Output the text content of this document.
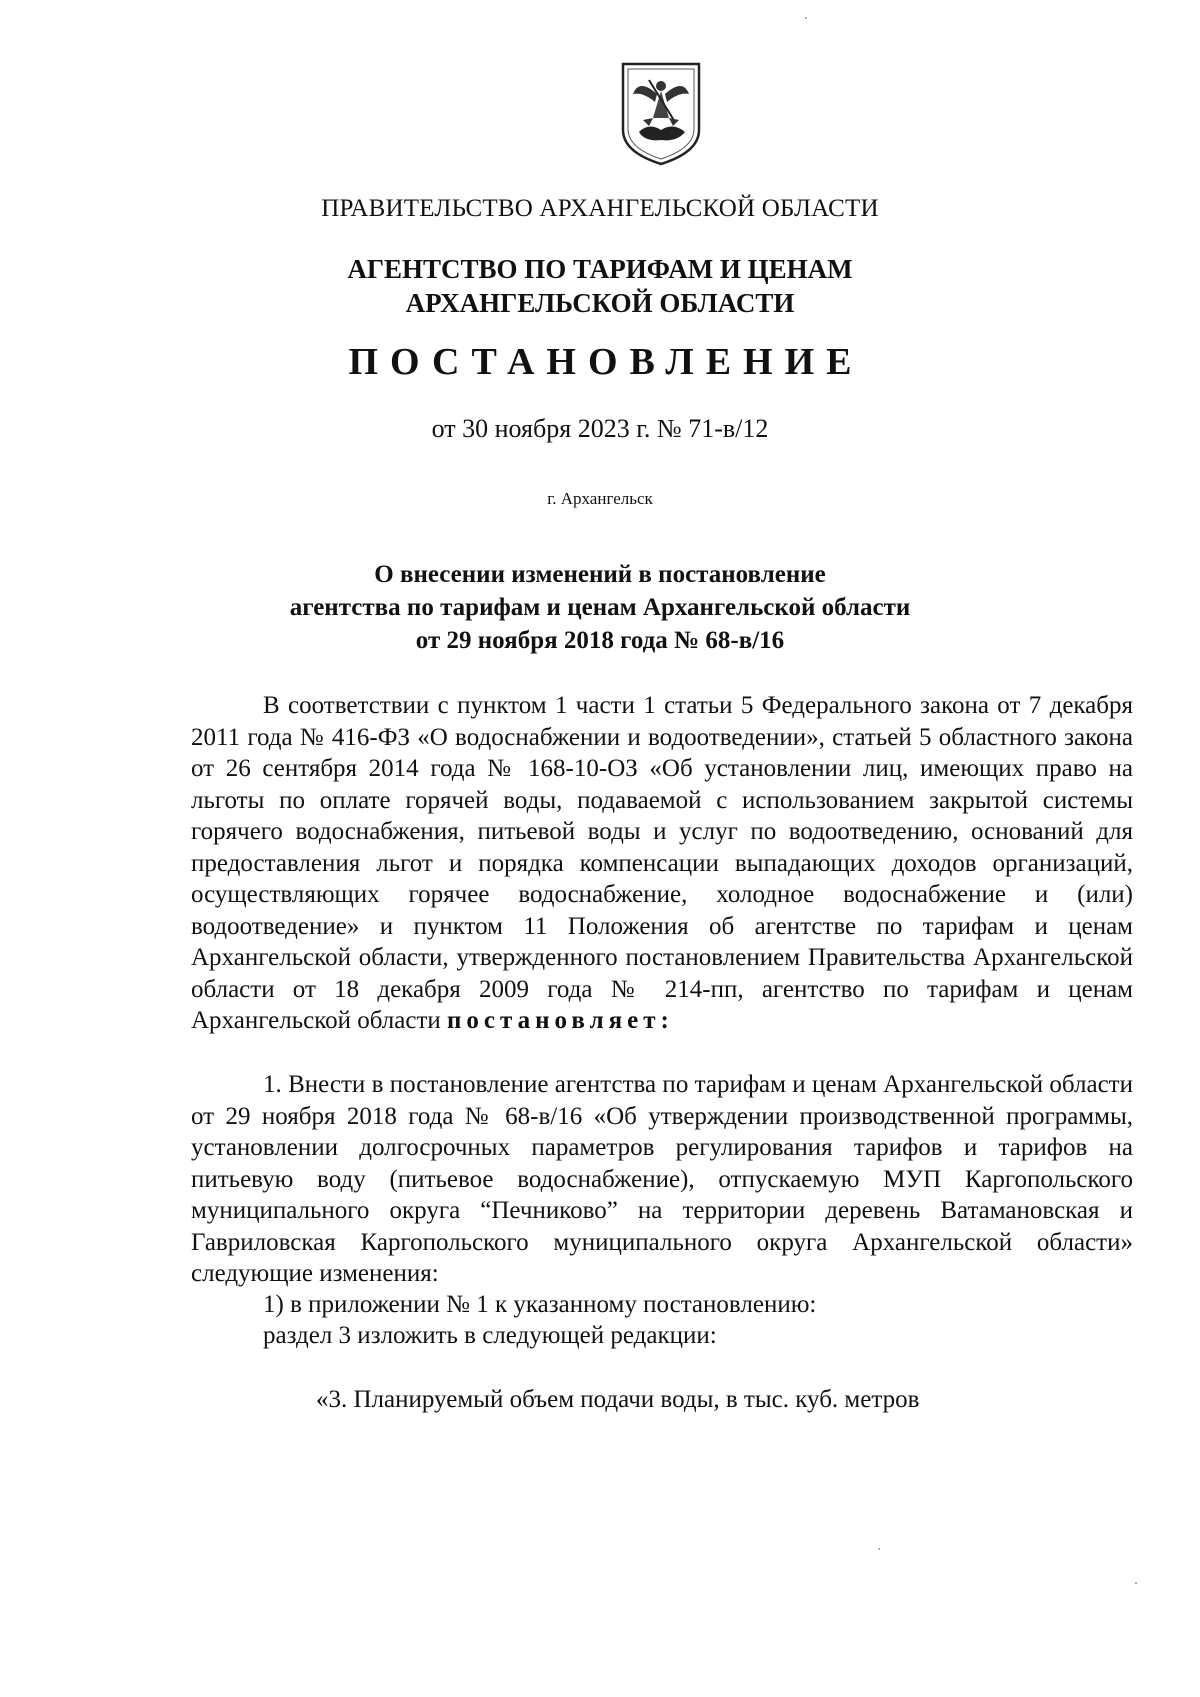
ПРАВИТЕЛЬСТВО АРХАНГЕЛЬСКОЙ ОБЛАСТИ
АГЕНТСТВО ПО ТАРИФАМ И ЦЕНАМ
АРХАНГЕЛЬСКОЙ ОБЛАСТИ
ПОСТАНОВЛЕНИЕ
от 30 ноября 2023 г. № 71-в/12
г. Архангельск
О внесении изменений в постановление
агентства по тарифам и ценам Архангельской области
от 29 ноября 2018 года № 68-в/16

В соответствии с пунктом 1 части 1 статьи 5 Федерального закона от 7 декабря 2011 года № 416-ФЗ «О водоснабжении и водоотведении», статьей 5 областного закона от 26 сентября 2014 года № 168-10-ОЗ «Об установлении лиц, имеющих право на льготы по оплате горячей воды, подаваемой с использованием закрытой системы горячего водоснабжения, питьевой воды и услуг по водоотведению, оснований для предоставления льгот и порядка компенсации выпадающих доходов организаций, осуществляющих горячее водоснабжение, холодное водоснабжение и (или) водоотведение» и пунктом 11 Положения об агентстве по тарифам и ценам Архангельской области, утвержденного постановлением Правительства Архангельской области от 18 декабря 2009 года № 214-пп, агентство по тарифам и ценам Архангельской области постановляет:

1. Внести в постановление агентства по тарифам и ценам Архангельской области от 29 ноября 2018 года № 68-в/16 «Об утверждении производственной программы, установлении долгосрочных параметров регулирования тарифов и тарифов на питьевую воду (питьевое водоснабжение), отпускаемую МУП Каргопольского муниципального округа “Печниково” на территории деревень Ватамановская и Гавриловская Каргопольского муниципального округа Архангельской области» следующие изменения:

1) в приложении № 1 к указанному постановлению:
раздел 3 изложить в следующей редакции:
«3. Планируемый объем подачи воды, в тыс. куб. метров
